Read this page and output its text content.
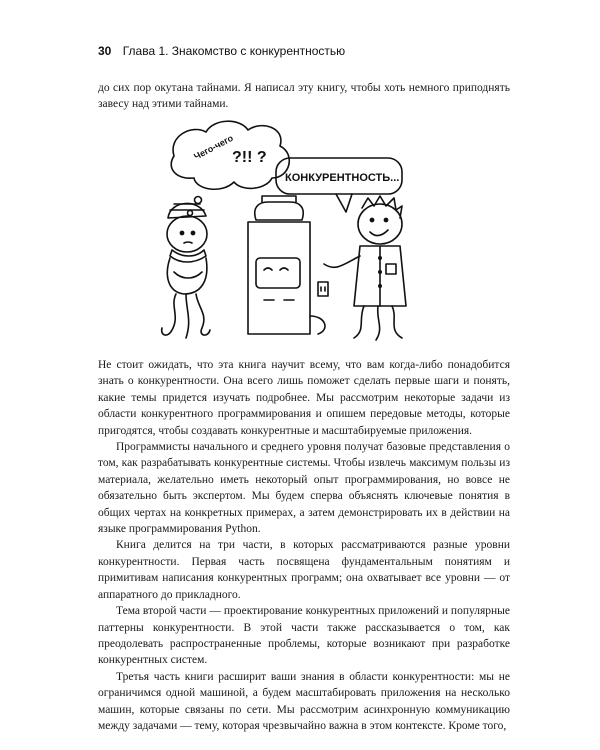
30 Глава 1. Знакомство с конкурентностью

до сих пор окутана тайнами. Я написал эту книгу, чтобы хоть немного приподнять завесу над этими тайнами.

Чего-чего
?!! ?
КОНКУРЕНТНОСТЬ...

Не стоит ожидать, что эта книга научит всему, что вам когда-либо понадобится знать о конкурентности. Она всего лишь поможет сделать первые шаги и понять, какие темы придется изучать подробнее. Мы рассмотрим некоторые задачи из области конкурентного программирования и опишем передовые методы, которые пригодятся, чтобы создавать конкурентные и масштабируемые приложения.

Программисты начального и среднего уровня получат базовые представления о том, как разрабатывать конкурентные системы. Чтобы извлечь максимум пользы из материала, желательно иметь некоторый опыт программирования, но вовсе не обязательно быть экспертом. Мы будем сперва объяснять ключевые понятия в общих чертах на конкретных примерах, а затем демонстрировать их в действии на языке программирования Python.

Книга делится на три части, в которых рассматриваются разные уровни конкурентности. Первая часть посвящена фундаментальным понятиям и примитивам написания конкурентных программ; она охватывает все уровни — от аппаратного до прикладного.

Тема второй части — проектирование конкурентных приложений и популярные паттерны конкурентности. В этой части также рассказывается о том, как преодолевать распространенные проблемы, которые возникают при разработке конкурентных систем.

Третья часть книги расширит ваши знания в области конкурентности: мы не ограничимся одной машиной, а будем масштабировать приложения на несколько машин, которые связаны по сети. Мы рассмотрим асинхронную коммуникацию между задачами — тему, которая чрезвычайно важна в этом контексте. Кроме того,
